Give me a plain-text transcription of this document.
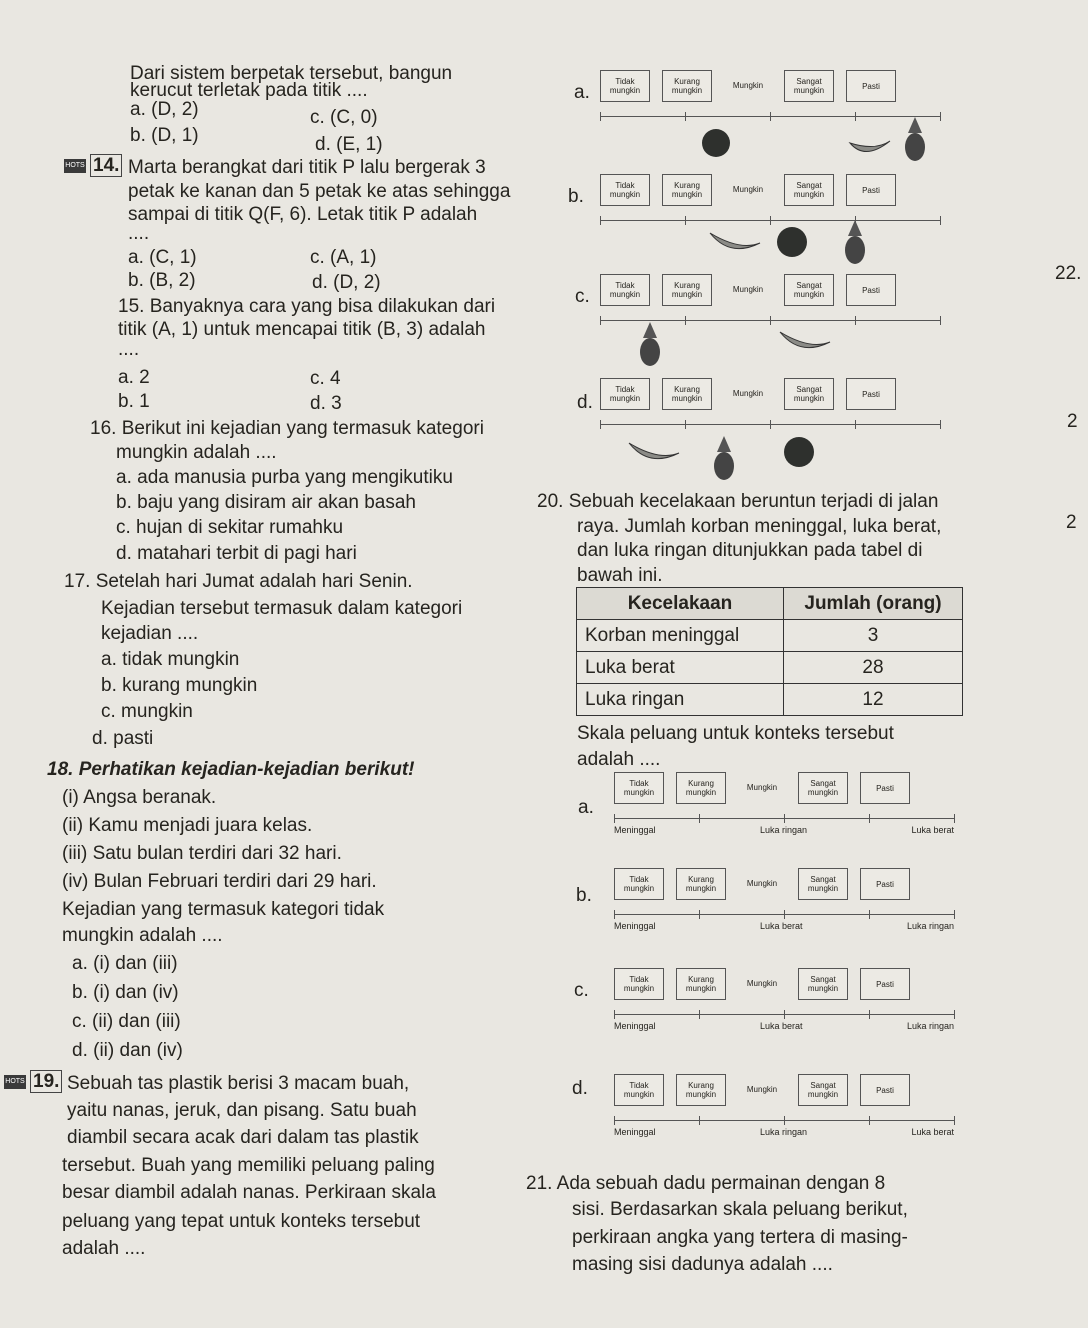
Dari sistem berpetak tersebut, bangun
kerucut terletak pada titik ....
a. (D, 2)	c. (C, 0)
b. (D, 1)	d. (E, 1)
HOTS 14. Marta berangkat dari titik P lalu bergerak 3
petak ke kanan dan 5 petak ke atas sehingga
sampai di titik Q(F, 6). Letak titik P adalah
....
a. (C, 1)	c. (A, 1)
b. (B, 2)	d. (D, 2)
15. Banyaknya cara yang bisa dilakukan dari
titik (A, 1) untuk mencapai titik (B, 3) adalah
....
a. 2	c. 4
b. 1	d. 3
16. Berikut ini kejadian yang termasuk kategori
mungkin adalah ....
a. ada manusia purba yang mengikutiku
b. baju yang disiram air akan basah
c. hujan di sekitar rumahku
d. matahari terbit di pagi hari
17. Setelah hari Jumat adalah hari Senin.
Kejadian tersebut termasuk dalam kategori
kejadian ....
a. tidak mungkin
b. kurang mungkin
c. mungkin
d. pasti
18. Perhatikan kejadian-kejadian berikut!
(i) Angsa beranak.
(ii) Kamu menjadi juara kelas.
(iii) Satu bulan terdiri dari 32 hari.
(iv) Bulan Februari terdiri dari 29 hari.
Kejadian yang termasuk kategori tidak
mungkin adalah ....
a. (i) dan (iii)
b. (i) dan (iv)
c. (ii) dan (iii)
d. (ii) dan (iv)
HOTS 19. Sebuah tas plastik berisi 3 macam buah,
yaitu nanas, jeruk, dan pisang. Satu buah
diambil secara acak dari dalam tas plastik
tersebut. Buah yang memiliki peluang paling
besar diambil adalah nanas. Perkiraan skala
peluang yang tepat untuk konteks tersebut
adalah ....
a.
Tidak mungkin
Kurang mungkin
Mungkin	Sangat mungkin	Pasti
b.
Tidak mungkin
Kurang mungkin
Mungkin	Sangat mungkin	Pasti
c.
Tidak mungkin
Kurang mungkin
Mungkin	Sangat mungkin	Pasti
d.
Tidak mungkin
Kurang mungkin
Mungkin	Sangat mungkin	Pasti
20. Sebuah kecelakaan beruntun terjadi di jalan
raya. Jumlah korban meninggal, luka berat,
dan luka ringan ditunjukkan pada tabel di
bawah ini.
Kecelakaan	Jumlah (orang)
Korban meninggal	3
Luka berat	28
Luka ringan	12
Skala peluang untuk konteks tersebut
adalah ....
a.
Tidak mungkin
Kurang mungkin
Mungkin	Sangat mungkin	Pasti
Meninggal	Luka ringan	Luka berat
b.
Tidak mungkin
Kurang mungkin
Mungkin	Sangat mungkin	Pasti
Meninggal	Luka berat	Luka ringan
c.
Tidak mungkin
Kurang mungkin
Mungkin	Sangat mungkin	Pasti
Meninggal	Luka berat	Luka ringan
d.	Tidak mungkin
Kurang mungkin
Mungkin	Sangat mungkin	Pasti
Meninggal	Luka ringan	Luka berat
21. Ada sebuah dadu permainan dengan 8
sisi. Berdasarkan skala peluang berikut,
perkiraan angka yang tertera di masing-
masing sisi dadunya adalah ....
22.
2
2
